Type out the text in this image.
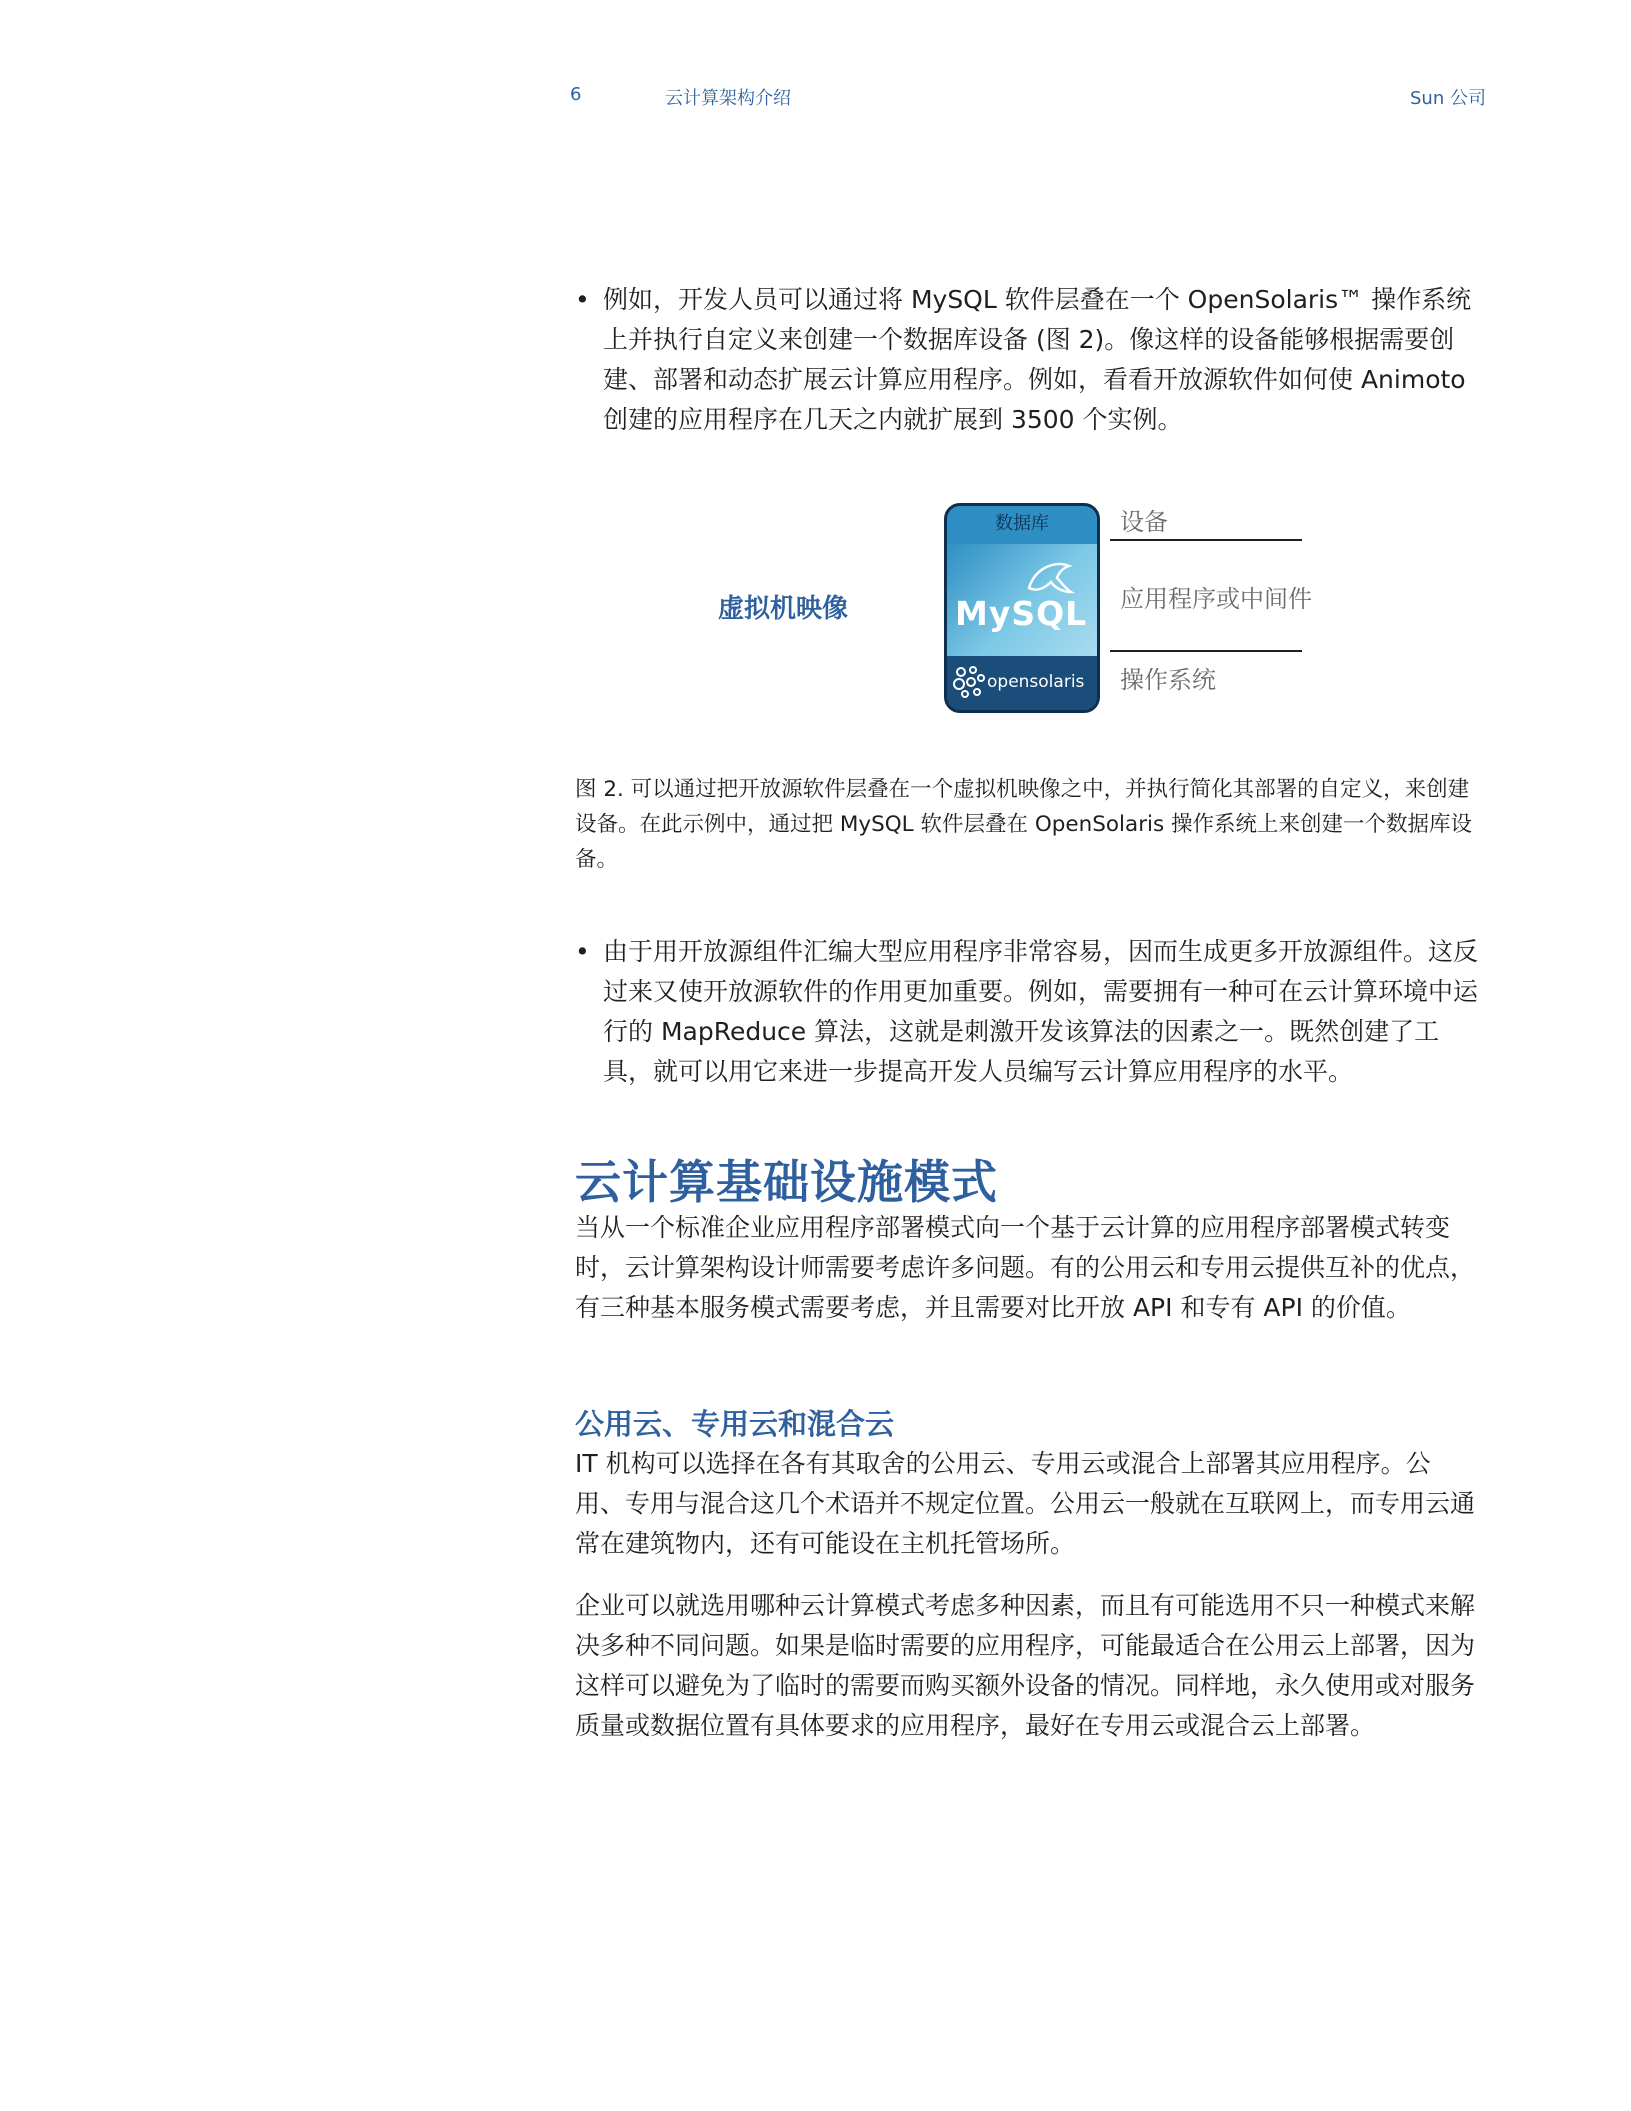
6	云计算架构介绍	Sun 公司
• 例如，开发人员可以通过将 MySQL 软件层叠在一个 OpenSolaris™ 操作系统上并执行自定义来创建一个数据库设备 (图 2)。像这样的设备能够根据需要创建、部署和动态扩展云计算应用程序。例如，看看开放源软件如何使 Animoto 创建的应用程序在几天之内就扩展到 3500 个实例。
虚拟机映像
数据库
MySQL
opensolaris
设备
应用程序或中间件
操作系统
图 2. 可以通过把开放源软件层叠在一个虚拟机映像之中，并执行简化其部署的自定义，来创建设备。在此示例中，通过把 MySQL 软件层叠在 OpenSolaris 操作系统上来创建一个数据库设备。
• 由于用开放源组件汇编大型应用程序非常容易，因而生成更多开放源组件。这反过来又使开放源软件的作用更加重要。例如，需要拥有一种可在云计算环境中运行的 MapReduce 算法，这就是刺激开发该算法的因素之一。既然创建了工具，就可以用它来进一步提高开发人员编写云计算应用程序的水平。
云计算基础设施模式
当从一个标准企业应用程序部署模式向一个基于云计算的应用程序部署模式转变时，云计算架构设计师需要考虑许多问题。有的公用云和专用云提供互补的优点，有三种基本服务模式需要考虑，并且需要对比开放 API 和专有 API 的价值。
公用云、专用云和混合云
IT 机构可以选择在各有其取舍的公用云、专用云或混合上部署其应用程序。公用、专用与混合这几个术语并不规定位置。公用云一般就在互联网上，而专用云通常在建筑物内，还有可能设在主机托管场所。
企业可以就选用哪种云计算模式考虑多种因素，而且有可能选用不只一种模式来解决多种不同问题。如果是临时需要的应用程序，可能最适合在公用云上部署，因为这样可以避免为了临时的需要而购买额外设备的情况。同样地，永久使用或对服务质量或数据位置有具体要求的应用程序，最好在专用云或混合云上部署。
